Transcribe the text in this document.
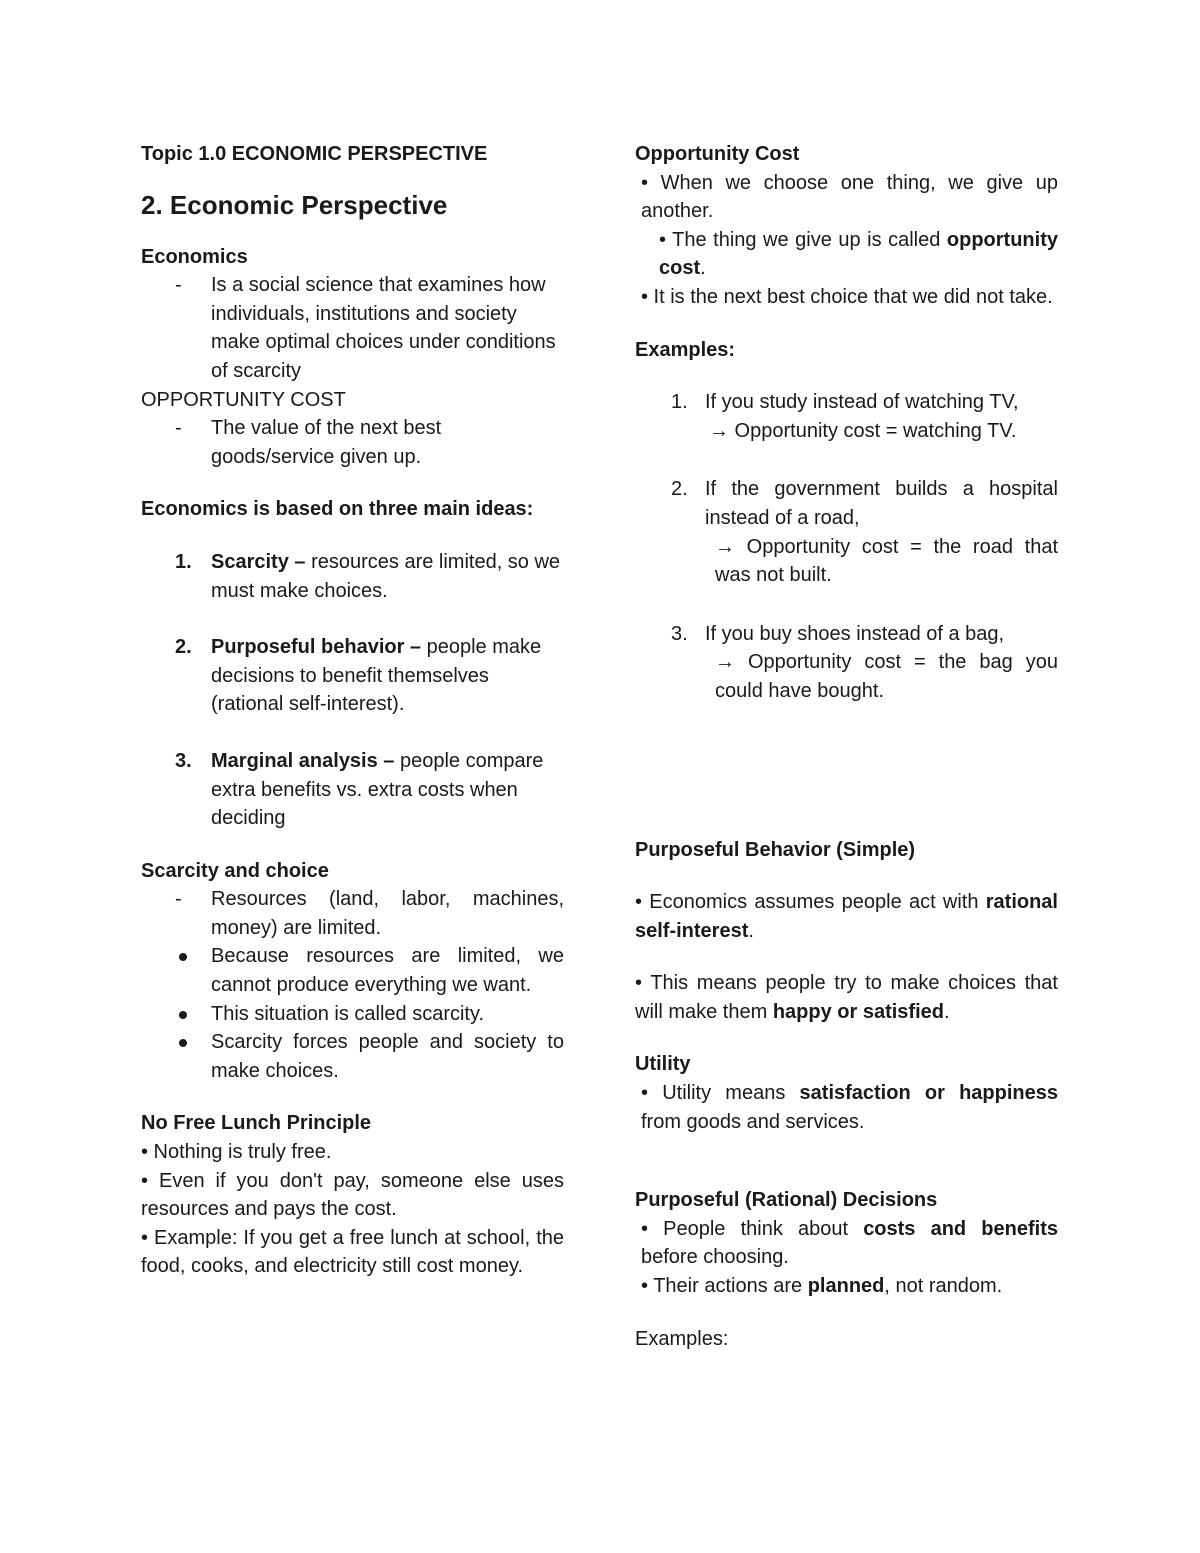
Topic 1.0 ECONOMIC PERSPECTIVE

2. Economic Perspective

Economics

- Is a social science that examines how individuals, institutions and society make optimal choices under conditions of scarcity

OPPORTUNITY COST

- The value of the next best goods/service given up.

Economics is based on three main ideas:

1. Scarcity – resources are limited, so we must make choices.
2. Purposeful behavior – people make decisions to benefit themselves (rational self-interest).
3. Marginal analysis – people compare extra benefits vs. extra costs when deciding

Scarcity and choice

- Resources (land, labor, machines, money) are limited.
Because resources are limited, we cannot produce everything we want.
This situation is called scarcity.
Scarcity forces people and society to make choices.

No Free Lunch Principle

• Nothing is truly free.

• Even if you don't pay, someone else uses resources and pays the cost.

• Example: If you get a free lunch at school, the food, cooks, and electricity still cost money.

Opportunity Cost

• When we choose one thing, we give up another.

• The thing we give up is called opportunity cost.

• It is the next best choice that we did not take.

Examples:

1. If you study instead of watching TV,
→ Opportunity cost = watching TV.
2. If the government builds a hospital instead of a road,
→ Opportunity cost = the road that was not built.
3. If you buy shoes instead of a bag,
→ Opportunity cost = the bag you could have bought.

Purposeful Behavior (Simple)

• Economics assumes people act with rational self-interest.

• This means people try to make choices that will make them happy or satisfied.

Utility

• Utility means satisfaction or happiness from goods and services.

Purposeful (Rational) Decisions

• People think about costs and benefits before choosing.

• Their actions are planned, not random.

Examples:
